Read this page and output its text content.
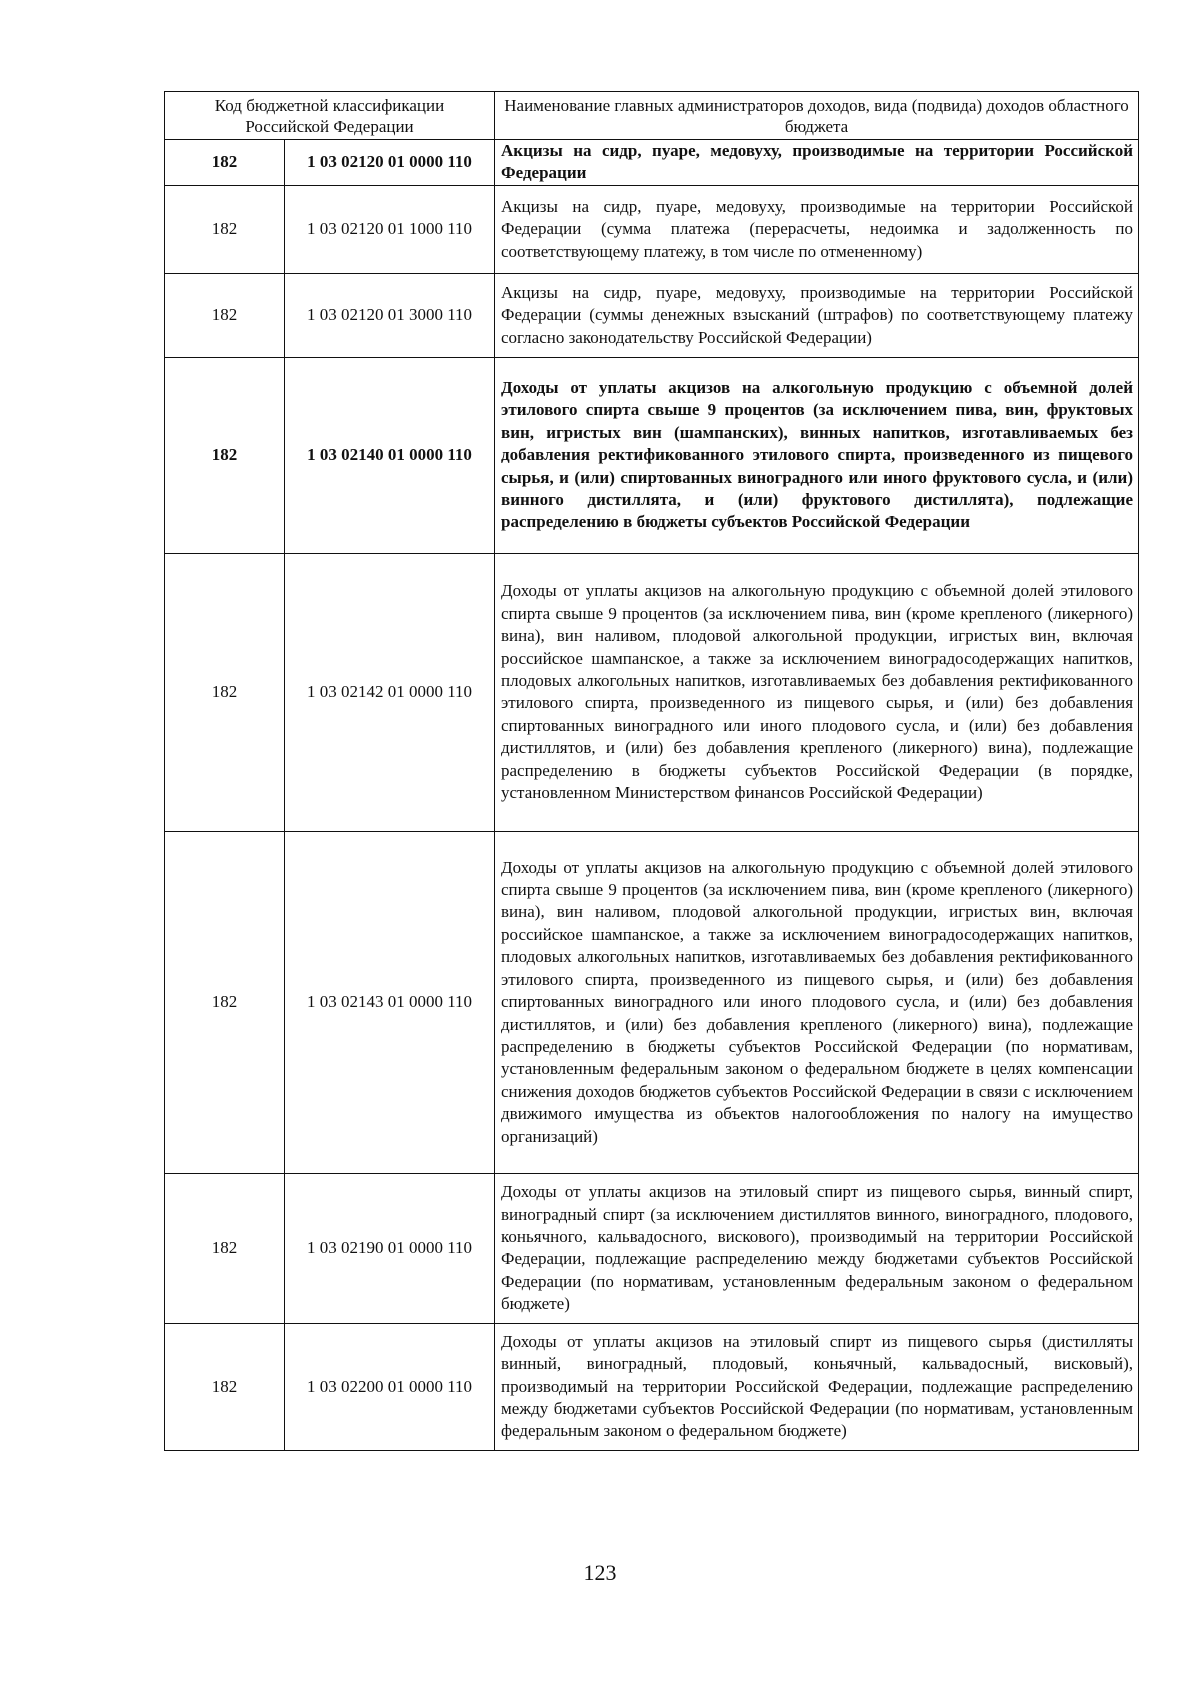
Код бюджетной классификации Российской Федерации		Наименование главных администраторов доходов, вида (подвида) доходов областного бюджета
182	1 03 02120 01 0000 110	Акцизы на сидр, пуаре, медовуху, производимые на территории Российской Федерации
182	1 03 02120 01 1000 110	Акцизы на сидр, пуаре, медовуху, производимые на территории Российской Федерации (сумма платежа (перерасчеты, недоимка и задолженность по соответствующему платежу, в том числе по отмененному)
182	1 03 02120 01 3000 110	Акцизы на сидр, пуаре, медовуху, производимые на территории Российской Федерации (суммы денежных взысканий (штрафов) по соответствующему платежу согласно законодательству Российской Федерации)
182	1 03 02140 01 0000 110	Доходы от уплаты акцизов на алкогольную продукцию с объемной долей этилового спирта свыше 9 процентов (за исключением пива, вин, фруктовых вин, игристых вин (шампанских), винных напитков, изготавливаемых без добавления ректификованного этилового спирта, произведенного из пищевого сырья, и (или) спиртованных виноградного или иного фруктового сусла, и (или) винного дистиллята, и (или) фруктового дистиллята), подлежащие распределению в бюджеты субъектов Российской Федерации
182	1 03 02142 01 0000 110	Доходы от уплаты акцизов на алкогольную продукцию с объемной долей этилового спирта свыше 9 процентов (за исключением пива, вин (кроме крепленого (ликерного) вина), вин наливом, плодовой алкогольной продукции, игристых вин, включая российское шампанское, а также за исключением виноградосодержащих напитков, плодовых алкогольных напитков, изготавливаемых без добавления ректификованного этилового спирта, произведенного из пищевого сырья, и (или) без добавления спиртованных виноградного или иного плодового сусла, и (или) без добавления дистиллятов, и (или) без добавления крепленого (ликерного) вина), подлежащие распределению в бюджеты субъектов Российской Федерации (в порядке, установленном Министерством финансов Российской Федерации)
182	1 03 02143 01 0000 110	Доходы от уплаты акцизов на алкогольную продукцию с объемной долей этилового спирта свыше 9 процентов (за исключением пива, вин (кроме крепленого (ликерного) вина), вин наливом, плодовой алкогольной продукции, игристых вин, включая российское шампанское, а также за исключением виноградосодержащих напитков, плодовых алкогольных напитков, изготавливаемых без добавления ректификованного этилового спирта, произведенного из пищевого сырья, и (или) без добавления спиртованных виноградного или иного плодового сусла, и (или) без добавления дистиллятов, и (или) без добавления крепленого (ликерного) вина), подлежащие распределению в бюджеты субъектов Российской Федерации (по нормативам, установленным федеральным законом о федеральном бюджете в целях компенсации снижения доходов бюджетов субъектов Российской Федерации в связи с исключением движимого имущества из объектов налогообложения по налогу на имущество организаций)
182	1 03 02190 01 0000 110	Доходы от уплаты акцизов на этиловый спирт из пищевого сырья, винный спирт, виноградный спирт (за исключением дистиллятов винного, виноградного, плодового, коньячного, кальвадосного, вискового), производимый на территории Российской Федерации, подлежащие распределению между бюджетами субъектов Российской Федерации (по нормативам, установленным федеральным законом о федеральном бюджете)
182	1 03 02200 01 0000 110	Доходы от уплаты акцизов на этиловый спирт из пищевого сырья (дистилляты винный, виноградный, плодовый, коньячный, кальвадосный, висковый), производимый на территории Российской Федерации, подлежащие распределению между бюджетами субъектов Российской Федерации (по нормативам, установленным федеральным законом о федеральном бюджете)
123
